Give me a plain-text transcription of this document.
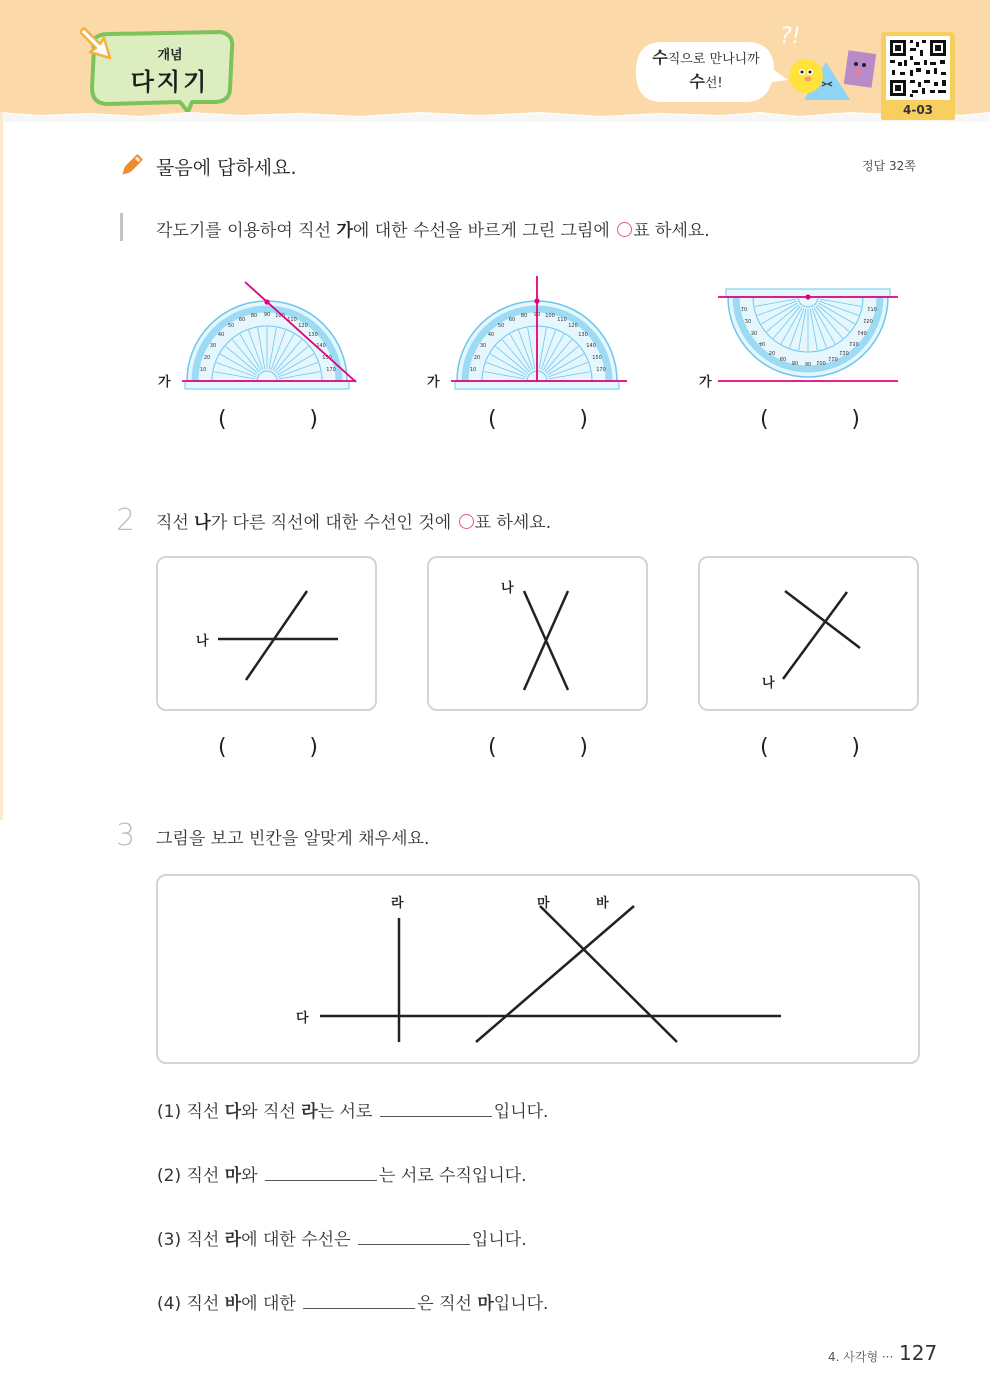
개념
다지기
수직으로 만나니까
수선!
?!
4-03
물음에 답하세요.	정답 32쪽
각도기를 이용하여 직선 가에 대한 수선을 바르게 그린 그림에 ○표 하세요.
가	가	가
(	)	(	)	(	)
2 직선 나가 다른 직선에 대한 수선인 것에 ○표 하세요.
나
나
나
(	)	(	)	(	)
3 그림을 보고 빈칸을 알맞게 채우세요.
다
라	마	바
(1) 직선 다와 직선 라는 서로	입니다.
(2) 직선 마와	는 서로 수직입니다.
(3) 직선 라에 대한 수선은	입니다.
(4) 직선 바에 대한	은 직선 마입니다.
4. 사각형 ··· 127
